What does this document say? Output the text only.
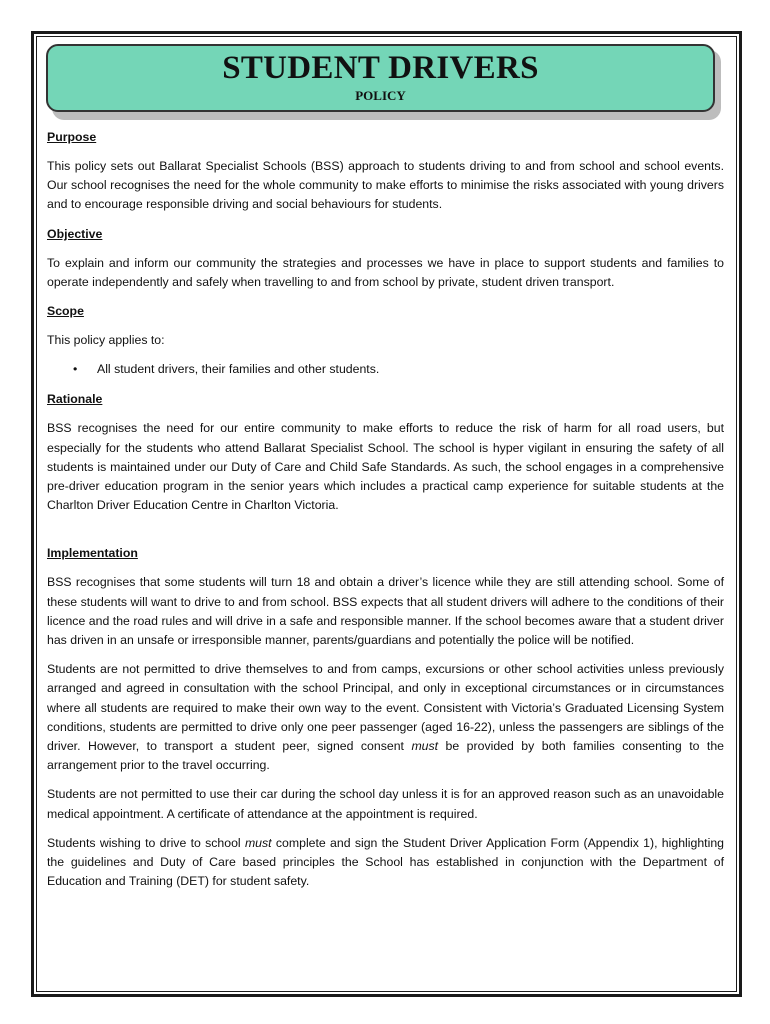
STUDENT DRIVERS
POLICY
Purpose

This policy sets out Ballarat Specialist Schools (BSS) approach to students driving to and from school and school events. Our school recognises the need for the whole community to make efforts to minimise the risks associated with young drivers and to encourage responsible driving and social behaviours for students.

Objective

To explain and inform our community the strategies and processes we have in place to support students and families to operate independently and safely when travelling to and from school by private, student driven transport.

Scope

This policy applies to:

•	All student drivers, their families and other students.
Rationale

BSS recognises the need for our entire community to make efforts to reduce the risk of harm for all road users, but especially for the students who attend Ballarat Specialist School. The school is hyper vigilant in ensuring the safety of all students is maintained under our Duty of Care and Child Safe Standards. As such, the school engages in a comprehensive pre-driver education program in the senior years which includes a practical camp experience for suitable students at the Charlton Driver Education Centre in Charlton Victoria.

Implementation

BSS recognises that some students will turn 18 and obtain a driver’s licence while they are still attending school. Some of these students will want to drive to and from school. BSS expects that all student drivers will adhere to the conditions of their licence and the road rules and will drive in a safe and responsible manner. If the school becomes aware that a student driver has driven in an unsafe or irresponsible manner, parents/guardians and potentially the police will be notified.

Students are not permitted to drive themselves to and from camps, excursions or other school activities unless previously arranged and agreed in consultation with the school Principal, and only in exceptional circumstances or in circumstances where all students are required to make their own way to the event. Consistent with Victoria’s Graduated Licensing System conditions, students are permitted to drive only one peer passenger (aged 16-22), unless the passengers are siblings of the driver. However, to transport a student peer, signed consent must be provided by both families consenting to the arrangement prior to the travel occurring.

Students are not permitted to use their car during the school day unless it is for an approved reason such as an unavoidable medical appointment. A certificate of attendance at the appointment is required.

Students wishing to drive to school must complete and sign the Student Driver Application Form (Appendix 1), highlighting the guidelines and Duty of Care based principles the School has established in conjunction with the Department of Education and Training (DET) for student safety.
